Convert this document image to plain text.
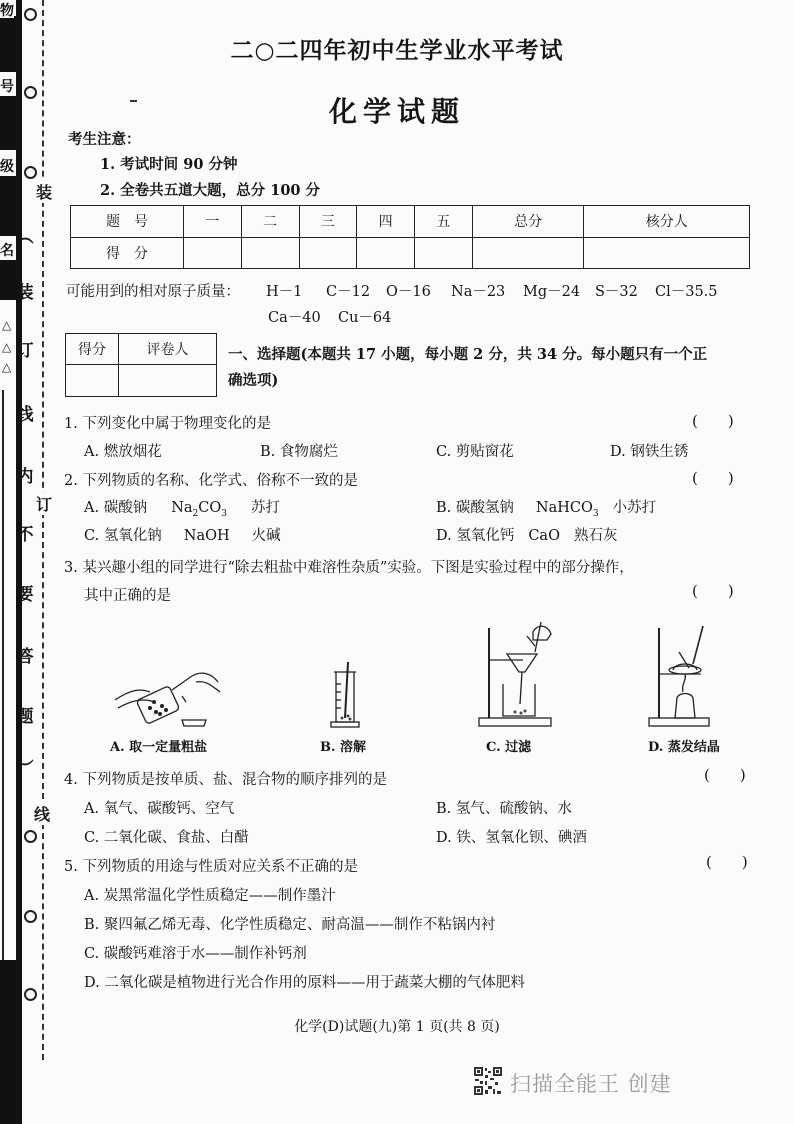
物
号
级
名
△
△
△
︵
装
订
线
内
不
要
答
题
︶
装
订
线
二○二四年初中生学业水平考试
化学试题
考生注意：
1. 考试时间 90 分钟
2. 全卷共五道大题，总分 100 分
题　号	一	二	三	四	五	总分	核分人
得　分							
可能用到的相对原子质量： H－1 C－12 O－16 Na－23 Mg－24 S－32 Cl－35.5
Ca－40 Cu－64
得分	评卷人
		一、选择题(本题共 17 小题，每小题 2 分，共 34 分。每小题只有一个正
确选项)
1. 下列变化中属于物理变化的是	(　　)
A. 燃放烟花	B. 食物腐烂	C. 剪贴窗花	D. 钢铁生锈
2. 下列物质的名称、化学式、俗称不一致的是	(　　)
A. 碳酸钠 $Na_2CO_3$ 苏打	B. 碳酸氢钠 NaHCO$_3$ 小苏打
C. 氢氧化钠 NaOH 火碱	D. 氢氧化钙 CaO 熟石灰
3. 某兴趣小组的同学进行“除去粗盐中难溶性杂质”实验。下图是实验过程中的部分操作，
其中正确的是	(　　)
A. 取一定量粗盐	B. 溶解	C. 过滤	D. 蒸发结晶
4. 下列物质是按单质、盐、混合物的顺序排列的是	(　　)
A. 氧气、碳酸钙、空气	B. 氢气、硫酸钠、水
C. 二氧化碳、食盐、白醋	D. 铁、氢氧化钡、碘酒
5. 下列物质的用途与性质对应关系不正确的是	(　　)
A. 炭黑常温化学性质稳定——制作墨汁
B. 聚四氟乙烯无毒、化学性质稳定、耐高温——制作不粘锅内衬
C. 碳酸钙难溶于水——制作补钙剂
D. 二氧化碳是植物进行光合作用的原料——用于蔬菜大棚的气体肥料
化学(D)试题(九)第 1 页(共 8 页)
扫描全能王 创建
